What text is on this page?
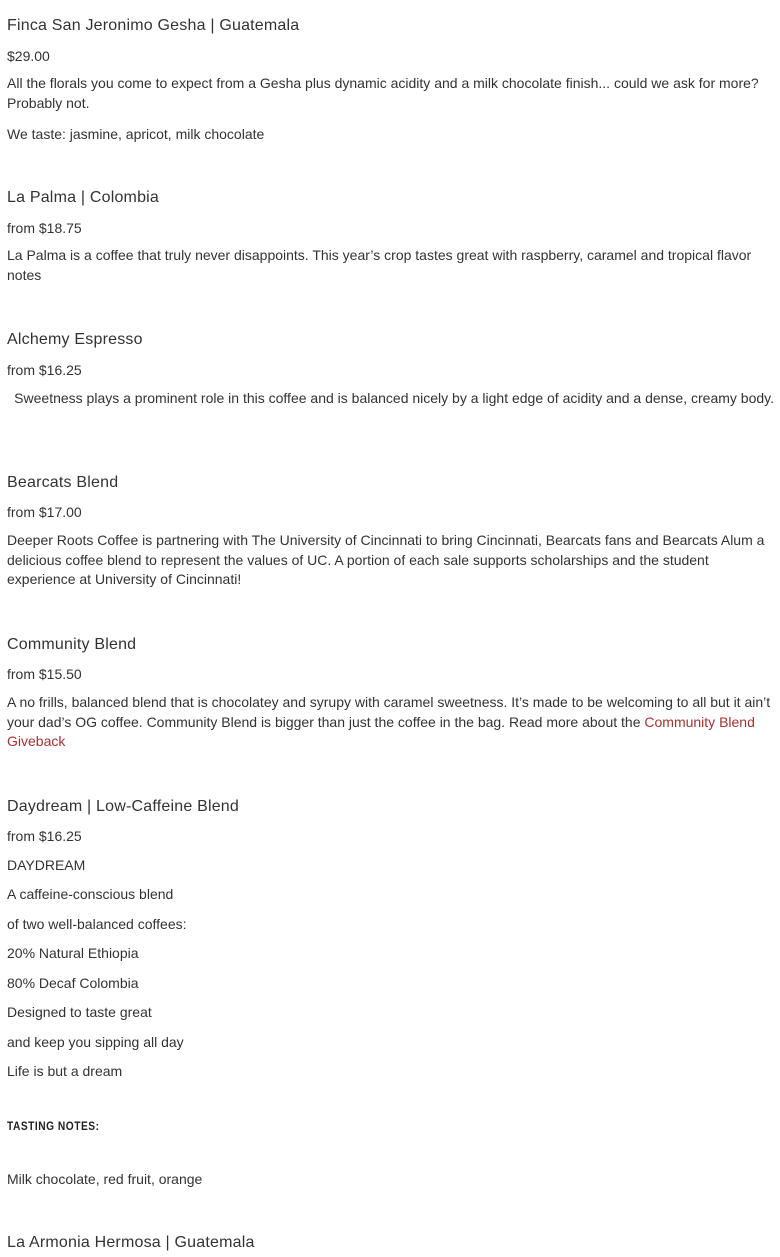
Finca San Jeronimo Gesha | Guatemala
$29.00
All the florals you come to expect from a Gesha plus dynamic acidity and a milk chocolate finish... could we ask for more? Probably not.
We taste: jasmine, apricot, milk chocolate
La Palma | Colombia
from $18.75
La Palma is a coffee that truly never disappoints. This year’s crop tastes great with raspberry, caramel and tropical flavor notes
Alchemy Espresso
from $16.25
Sweetness plays a prominent role in this coffee and is balanced nicely by a light edge of acidity and a dense, creamy body.
Bearcats Blend
from $17.00
Deeper Roots Coffee is partnering with The University of Cincinnati to bring Cincinnati, Bearcats fans and Bearcats Alum a delicious coffee blend to represent the values of UC. A portion of each sale supports scholarships and the student experience at University of Cincinnati!
Community Blend
from $15.50
A no frills, balanced blend that is chocolatey and syrupy with caramel sweetness. It’s made to be welcoming to all but it ain’t your dad’s OG coffee. Community Blend is bigger than just the coffee in the bag. Read more about the Community Blend Giveback
Daydream | Low-Caffeine Blend
from $16.25
DAYDREAM
A caffeine-conscious blend
of two well-balanced coffees:
20% Natural Ethiopia
80% Decaf Colombia
Designed to taste great
and keep you sipping all day
Life is but a dream
TASTING NOTES:
Milk chocolate, red fruit, orange
La Armonia Hermosa | Guatemala
